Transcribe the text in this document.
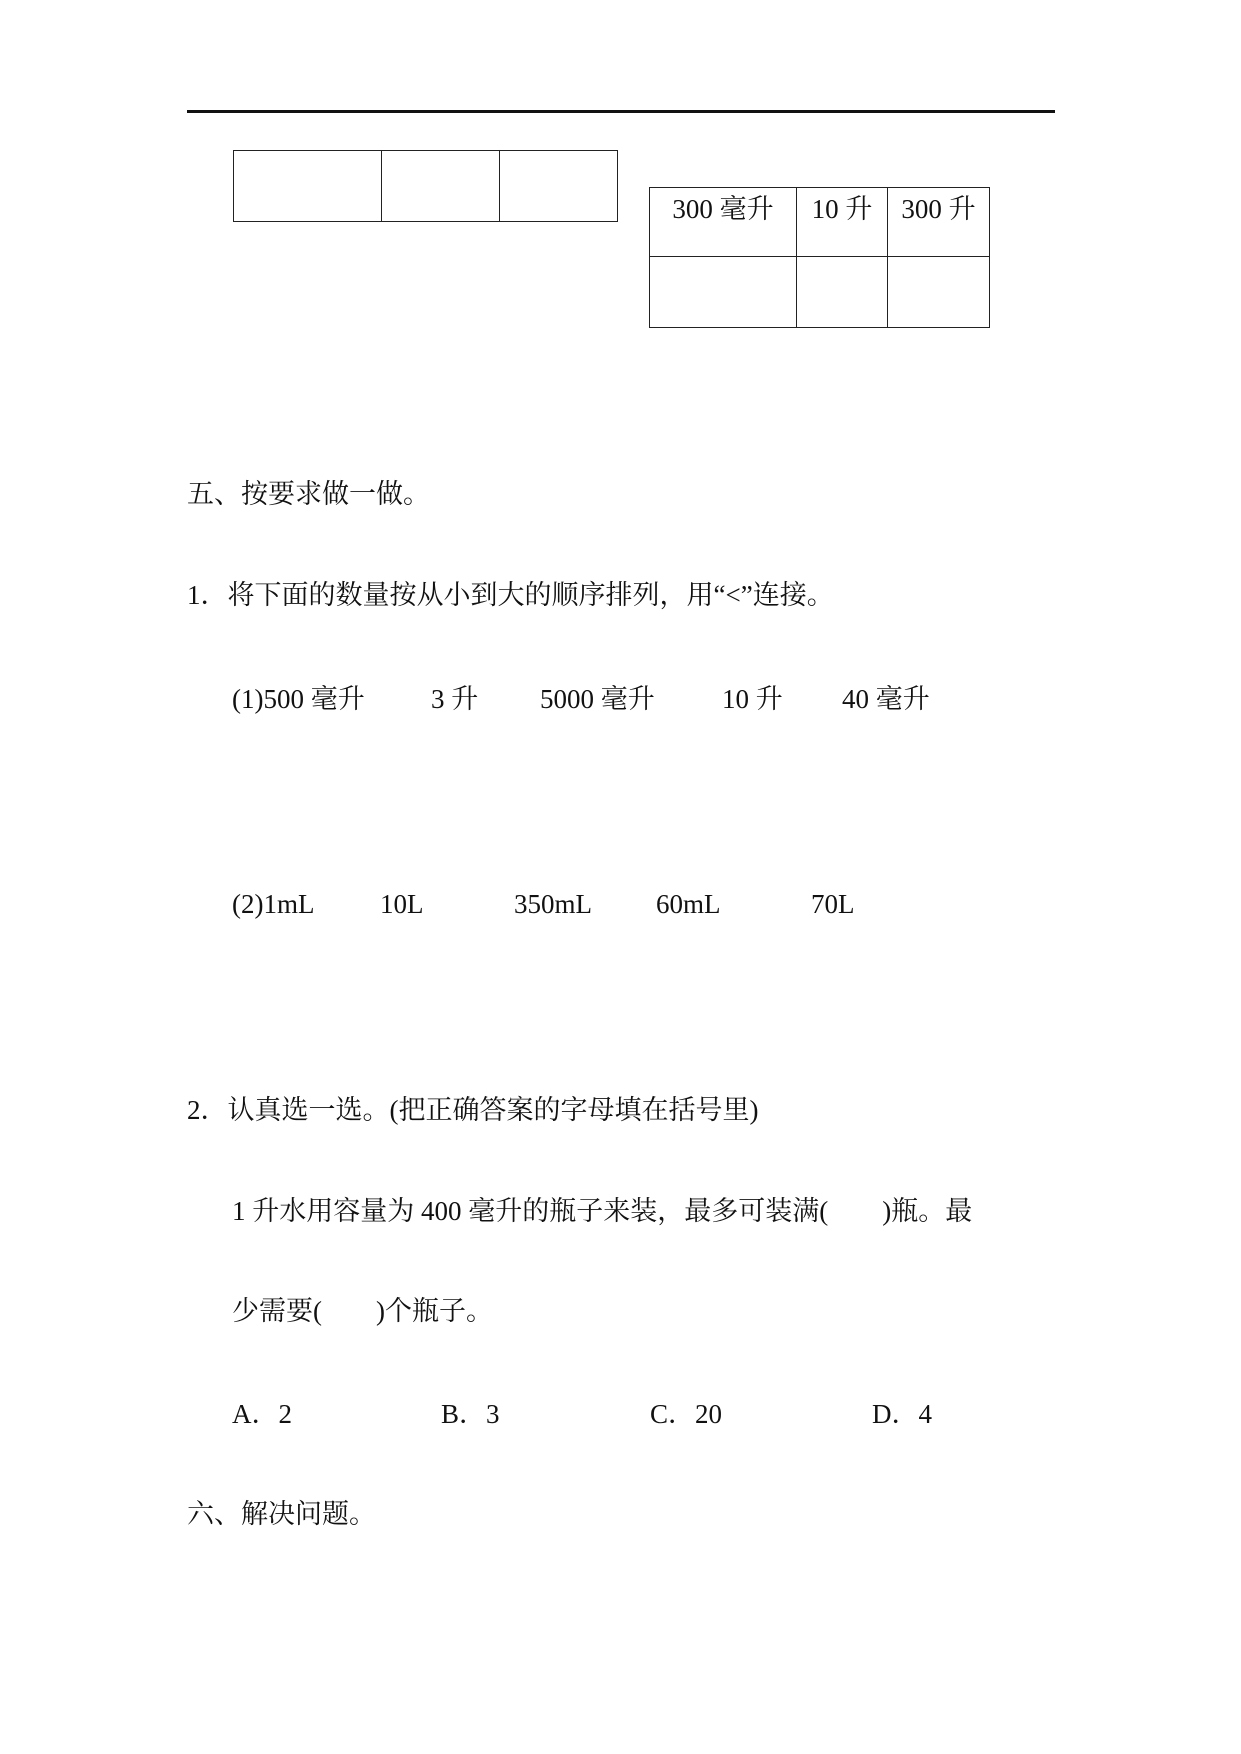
300 毫升	10 升	300 升

五、按要求做一做。
1．将下面的数量按从小到大的顺序排列，用“<”连接。
(1)500 毫升 3 升 5000 毫升 10 升 40 毫升
(2)1mL 10L	350mL 60mL	70L
2．认真选一选。(把正确答案的字母填在括号里)
1 升水用容量为 400 毫升的瓶子来装，最多可装满(　　)瓶。最
少需要(　　)个瓶子。
A．2	B．3	C．20	D．4
六、解决问题。
